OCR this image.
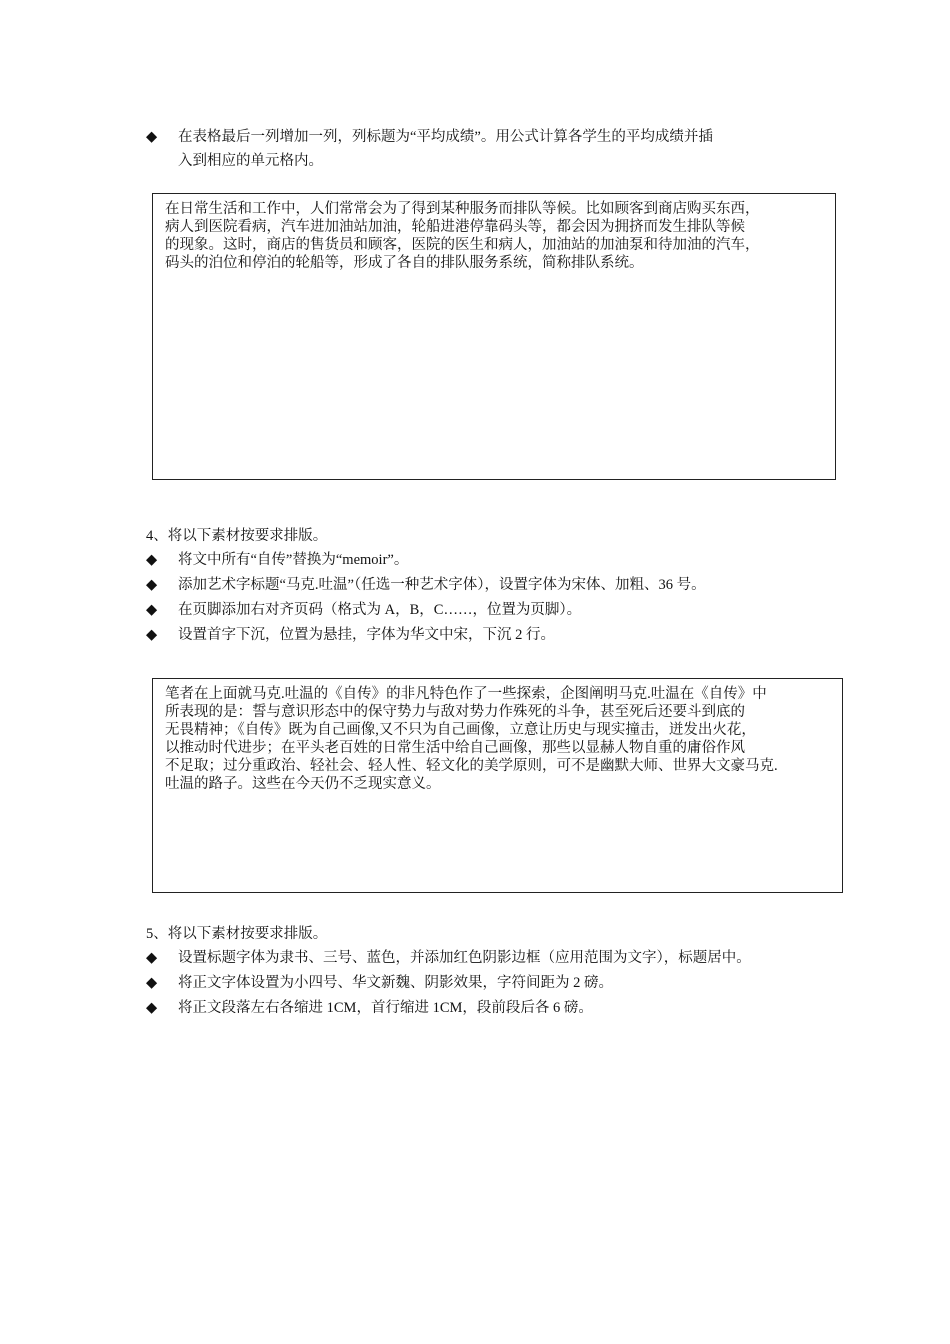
◆	在表格最后一列增加一列，列标题为“平均成绩”。用公式计算各学生的平均成绩并插
入到相应的单元格内。
在日常生活和工作中，人们常常会为了得到某种服务而排队等候。比如顾客到商店购买东西，
病人到医院看病，汽车进加油站加油，轮船进港停靠码头等，都会因为拥挤而发生排队等候
的现象。这时，商店的售货员和顾客，医院的医生和病人，加油站的加油泵和待加油的汽车，
码头的泊位和停泊的轮船等，形成了各自的排队服务系统，简称排队系统。
4、将以下素材按要求排版。
◆	将文中所有“自传”替换为“memoir”。
◆	添加艺术字标题“马克.吐温”（任选一种艺术字体），设置字体为宋体、加粗、36 号。
◆	在页脚添加右对齐页码（格式为 A，B，C……，位置为页脚）。
◆	设置首字下沉，位置为悬挂，字体为华文中宋，下沉 2 行。
笔者在上面就马克.吐温的《自传》的非凡特色作了一些探索，企图阐明马克.吐温在《自传》中
所表现的是：誓与意识形态中的保守势力与敌对势力作殊死的斗争，甚至死后还要斗到底的
无畏精神；《自传》既为自己画像,又不只为自己画像，立意让历史与现实撞击，迸发出火花，
以推动时代进步；在平头老百姓的日常生活中给自己画像，那些以显赫人物自重的庸俗作风
不足取；过分重政治、轻社会、轻人性、轻文化的美学原则，可不是幽默大师、世界大文豪马克.
吐温的路子。这些在今天仍不乏现实意义。
5、将以下素材按要求排版。
◆	设置标题字体为隶书、三号、蓝色，并添加红色阴影边框（应用范围为文字），标题居中。
◆	将正文字体设置为小四号、华文新魏、阴影效果，字符间距为 2 磅。
◆	将正文段落左右各缩进 1CM，首行缩进 1CM，段前段后各 6 磅。
